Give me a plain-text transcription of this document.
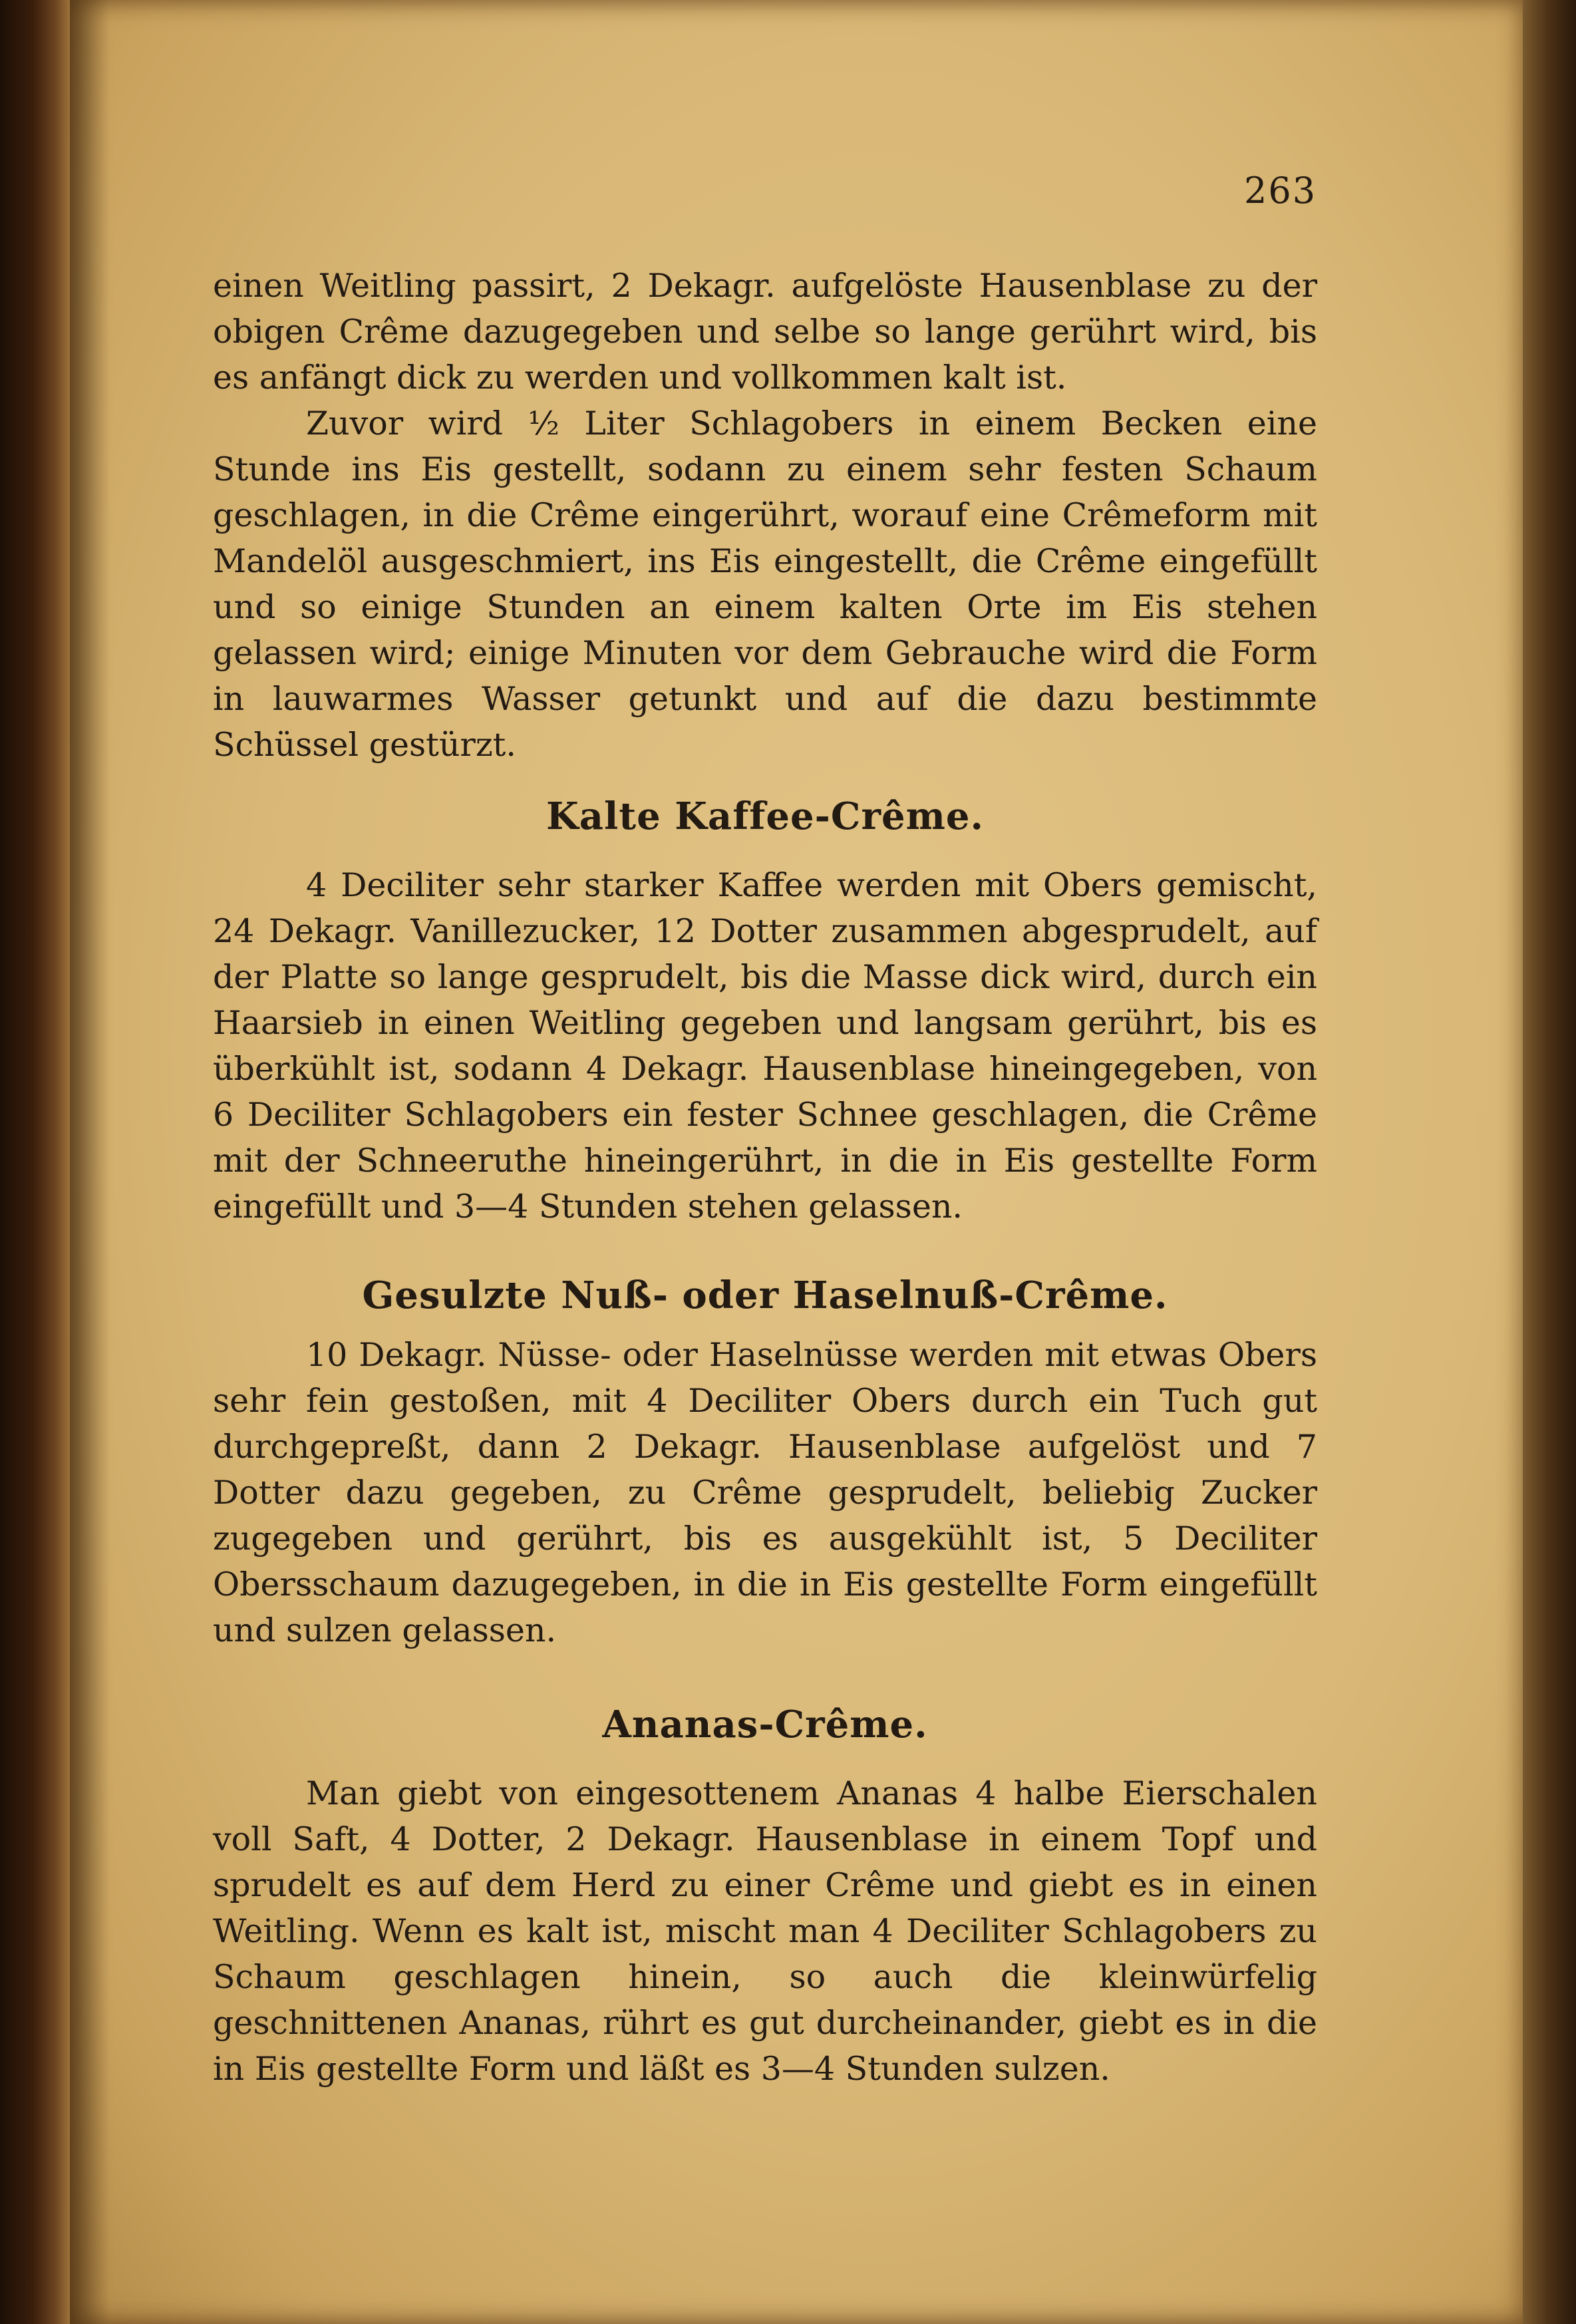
263

einen Weitling passirt, 2 Dekagr. aufgelöste Hausenblase zu der obigen Crême dazugegeben und selbe so lange gerührt wird, bis es anfängt dick zu werden und vollkommen kalt ist.

Zuvor wird ½ Liter Schlagobers in einem Becken eine Stunde ins Eis gestellt, sodann zu einem sehr festen Schaum geschlagen, in die Crême eingerührt, worauf eine Crêmeform mit Mandelöl ausgeschmiert, ins Eis eingestellt, die Crême eingefüllt und so einige Stunden an einem kalten Orte im Eis stehen gelassen wird; einige Minuten vor dem Gebrauche wird die Form in lauwarmes Wasser getunkt und auf die dazu bestimmte Schüssel gestürzt.

Kalte Kaffee-Crême.

4 Deciliter sehr starker Kaffee werden mit Obers gemischt, 24 Dekagr. Vanillezucker, 12 Dotter zusammen abgesprudelt, auf der Platte so lange gesprudelt, bis die Masse dick wird, durch ein Haarsieb in einen Weitling gegeben und langsam gerührt, bis es überkühlt ist, sodann 4 Dekagr. Hausenblase hineingegeben, von 6 Deciliter Schlagobers ein fester Schnee geschlagen, die Crême mit der Schneeruthe hineingerührt, in die in Eis gestellte Form eingefüllt und 3—4 Stunden stehen gelassen.

Gesulzte Nuß- oder Haselnuß-Crême.

10 Dekagr. Nüsse- oder Haselnüsse werden mit etwas Obers sehr fein gestoßen, mit 4 Deciliter Obers durch ein Tuch gut durchgepreßt, dann 2 Dekagr. Hausenblase aufgelöst und 7 Dotter dazu gegeben, zu Crême gesprudelt, beliebig Zucker zugegeben und gerührt, bis es ausgekühlt ist, 5 Deciliter Obersschaum dazugegeben, in die in Eis gestellte Form eingefüllt und sulzen gelassen.

Ananas-Crême.

Man giebt von eingesottenem Ananas 4 halbe Eierschalen voll Saft, 4 Dotter, 2 Dekagr. Hausenblase in einem Topf und sprudelt es auf dem Herd zu einer Crême und giebt es in einen Weitling. Wenn es kalt ist, mischt man 4 Deciliter Schlagobers zu Schaum geschlagen hinein, so auch die kleinwürfelig geschnittenen Ananas, rührt es gut durcheinander, giebt es in die in Eis gestellte Form und läßt es 3—4 Stunden sulzen.
